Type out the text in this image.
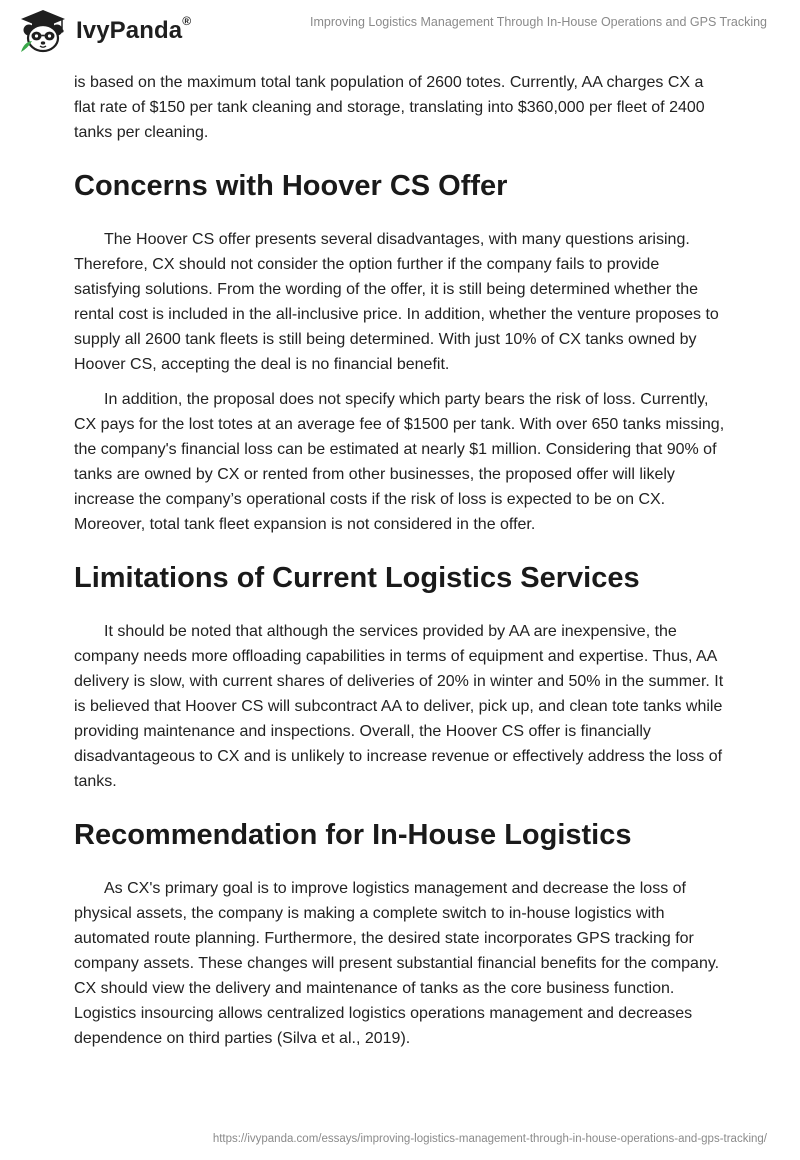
IvyPanda®	Improving Logistics Management Through In-House Operations and GPS Tracking

is based on the maximum total tank population of 2600 totes. Currently, AA charges CX a flat rate of $150 per tank cleaning and storage, translating into $360,000 per fleet of 2400 tanks per cleaning.

Concerns with Hoover CS Offer

The Hoover CS offer presents several disadvantages, with many questions arising. Therefore, CX should not consider the option further if the company fails to provide satisfying solutions. From the wording of the offer, it is still being determined whether the rental cost is included in the all-inclusive price. In addition, whether the venture proposes to supply all 2600 tank fleets is still being determined. With just 10% of CX tanks owned by Hoover CS, accepting the deal is no financial benefit.

In addition, the proposal does not specify which party bears the risk of loss. Currently, CX pays for the lost totes at an average fee of $1500 per tank. With over 650 tanks missing, the company's financial loss can be estimated at nearly $1 million. Considering that 90% of tanks are owned by CX or rented from other businesses, the proposed offer will likely increase the company’s operational costs if the risk of loss is expected to be on CX. Moreover, total tank fleet expansion is not considered in the offer.

Limitations of Current Logistics Services

It should be noted that although the services provided by AA are inexpensive, the company needs more offloading capabilities in terms of equipment and expertise. Thus, AA delivery is slow, with current shares of deliveries of 20% in winter and 50% in the summer. It is believed that Hoover CS will subcontract AA to deliver, pick up, and clean tote tanks while providing maintenance and inspections. Overall, the Hoover CS offer is financially disadvantageous to CX and is unlikely to increase revenue or effectively address the loss of tanks.

Recommendation for In-House Logistics

As CX's primary goal is to improve logistics management and decrease the loss of physical assets, the company is making a complete switch to in-house logistics with automated route planning. Furthermore, the desired state incorporates GPS tracking for company assets. These changes will present substantial financial benefits for the company. CX should view the delivery and maintenance of tanks as the core business function. Logistics insourcing allows centralized logistics operations management and decreases dependence on third parties (Silva et al., 2019).

https://ivypanda.com/essays/improving-logistics-management-through-in-house-operations-and-gps-tracking/
